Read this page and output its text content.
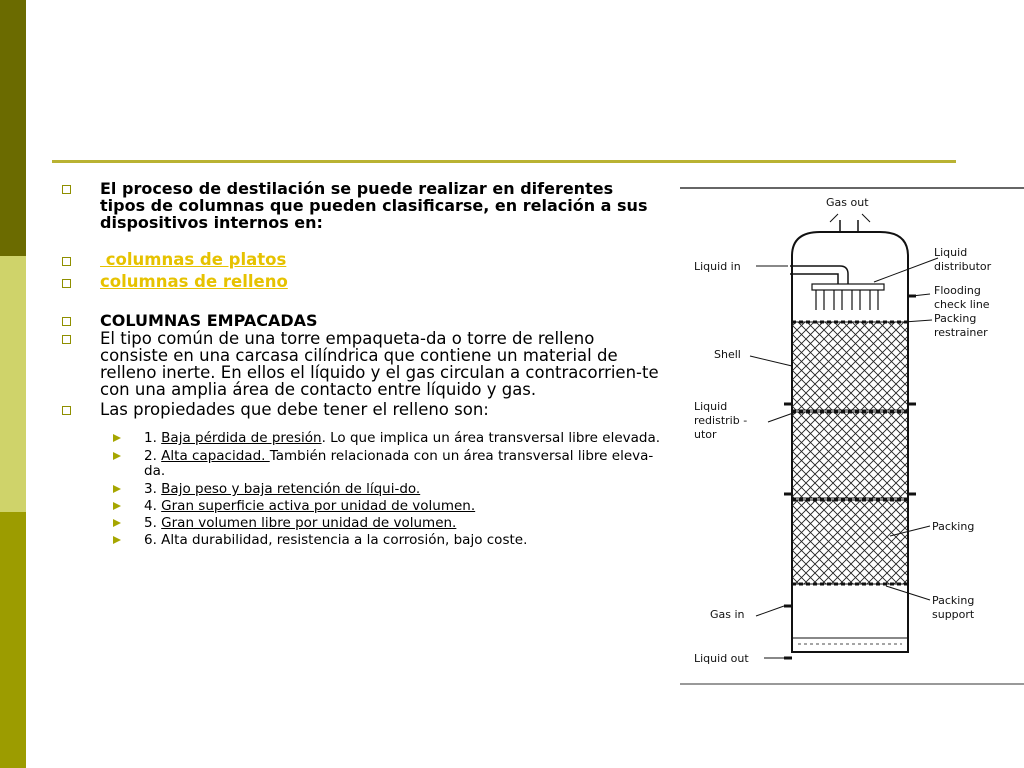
El proceso de destilación se puede realizar en diferentes tipos de columnas que pueden clasificarse, en relación a sus dispositivos internos en:

columnas de platos

columnas de relleno

COLUMNAS EMPACADAS

El tipo común de una torre empaqueta-da o torre de relleno consiste en una carcasa cilíndrica que contiene un material de relleno inerte. En ellos el líquido y el gas circulan a contracorrien-te con una amplia área de contacto entre líquido y gas.

Las propiedades que debe tener el relleno son:

1. Baja pérdida de presión. Lo que implica un área transversal libre elevada.

2. Alta capacidad. También relacionada con un área transversal libre eleva-da.

3. Bajo peso y baja retención de líqui-do.

4. Gran superficie activa por unidad de volumen.

5. Gran volumen libre por unidad de volumen.

6. Alta durabilidad, resistencia a la corrosión, bajo coste.

Gas out
Liquid in
Liquid
distributor
Flooding
check line
Packing
restrainer
Shell
Liquid
redistrib -
utor
Packing
Gas in
Packing
support
Liquid out
